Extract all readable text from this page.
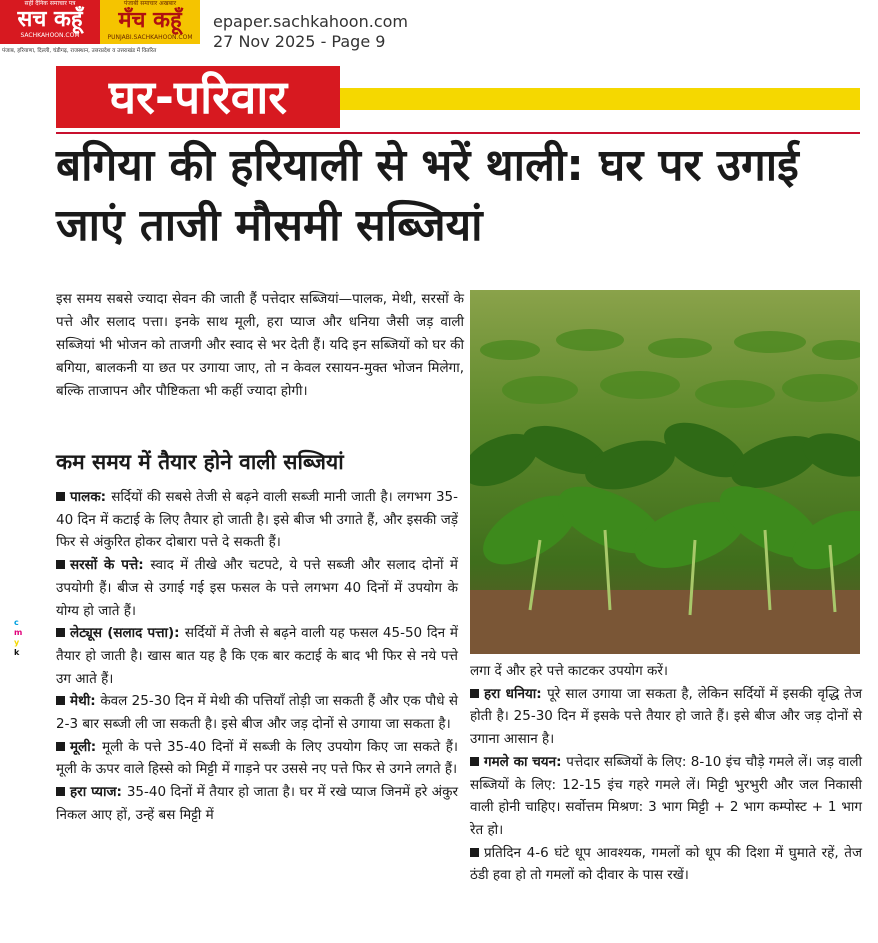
सहीं दैनिक समाचार पत्र
सच कहूँ
SACHKAHOON.COM
पंजाबी समाचार अखबार
मँच कहूँ
PUNJABI.SACHKAHOON.COM
पंजाब, हरियाणा, दिल्ली, चंडीगढ़, राजस्थान, उत्तरप्रदेश व उत्तराखंड में वितरित
epaper.sachkahoon.com
27 Nov 2025 - Page 9
घर-परिवार
बगिया की हरियाली से भरें थाली: घर पर उगाई जाएं ताजी मौसमी सब्जियां
इस समय सबसे ज्यादा सेवन की जाती हैं पत्तेदार सब्जियां—पालक, मेथी, सरसों के पत्ते और सलाद पत्ता। इनके साथ मूली, हरा प्याज और धनिया जैसी जड़ वाली सब्जियां भी भोजन को ताजगी और स्वाद से भर देती हैं। यदि इन सब्जियों को घर की बगिया, बालकनी या छत पर उगाया जाए, तो न केवल रसायन-मुक्त भोजन मिलेगा, बल्कि ताजापन और पौष्टिकता भी कहीं ज्यादा होगी।
कम समय में तैयार होने वाली सब्जियां

पालक: सर्दियों की सबसे तेजी से बढ़ने वाली सब्जी मानी जाती है। लगभग 35-40 दिन में कटाई के लिए तैयार हो जाती है। इसे बीज भी उगाते हैं, और इसकी जड़ें फिर से अंकुरित होकर दोबारा पत्ते दे सकती हैं।

सरसों के पत्ते: स्वाद में तीखे और चटपटे, ये पत्ते सब्जी और सलाद दोनों में उपयोगी हैं। बीज से उगाई गई इस फसल के पत्ते लगभग 40 दिनों में उपयोग के योग्य हो जाते हैं।

लेट्यूस (सलाद पत्ता): सर्दियों में तेजी से बढ़ने वाली यह फसल 45-50 दिन में तैयार हो जाती है। खास बात यह है कि एक बार कटाई के बाद भी फिर से नये पत्ते उग आते हैं।

मेथी: केवल 25-30 दिन में मेथी की पत्तियाँ तोड़ी जा सकती हैं और एक पौधे से 2-3 बार सब्जी ली जा सकती है। इसे बीज और जड़ दोनों से उगाया जा सकता है।

मूली: मूली के पत्ते 35-40 दिनों में सब्जी के लिए उपयोग किए जा सकते हैं। मूली के ऊपर वाले हिस्से को मिट्टी में गाड़ने पर उससे नए पत्ते फिर से उगने लगते हैं।

हरा प्याज: 35-40 दिनों में तैयार हो जाता है। घर में रखे प्याज जिनमें हरे अंकुर निकल आए हों, उन्हें बस मिट्टी में

लगा दें और हरे पत्ते काटकर उपयोग करें।

हरा धनिया: पूरे साल उगाया जा सकता है, लेकिन सर्दियों में इसकी वृद्धि तेज होती है। 25-30 दिन में इसके पत्ते तैयार हो जाते हैं। इसे बीज और जड़ दोनों से उगाना आसान है।

गमले का चयन: पत्तेदार सब्जियों के लिए: 8-10 इंच चौड़े गमले लें। जड़ वाली सब्जियों के लिए: 12-15 इंच गहरे गमले लें। मिट्टी भुरभुरी और जल निकासी वाली होनी चाहिए। सर्वोत्तम मिश्रण: 3 भाग मिट्टी + 2 भाग कम्पोस्ट + 1 भाग रेत हो।

प्रतिदिन 4-6 घंटे धूप आवश्यक, गमलों को धूप की दिशा में घुमाते रहें, तेज ठंडी हवा हो तो गमलों को दीवार के पास रखें।

c
m
y
k
